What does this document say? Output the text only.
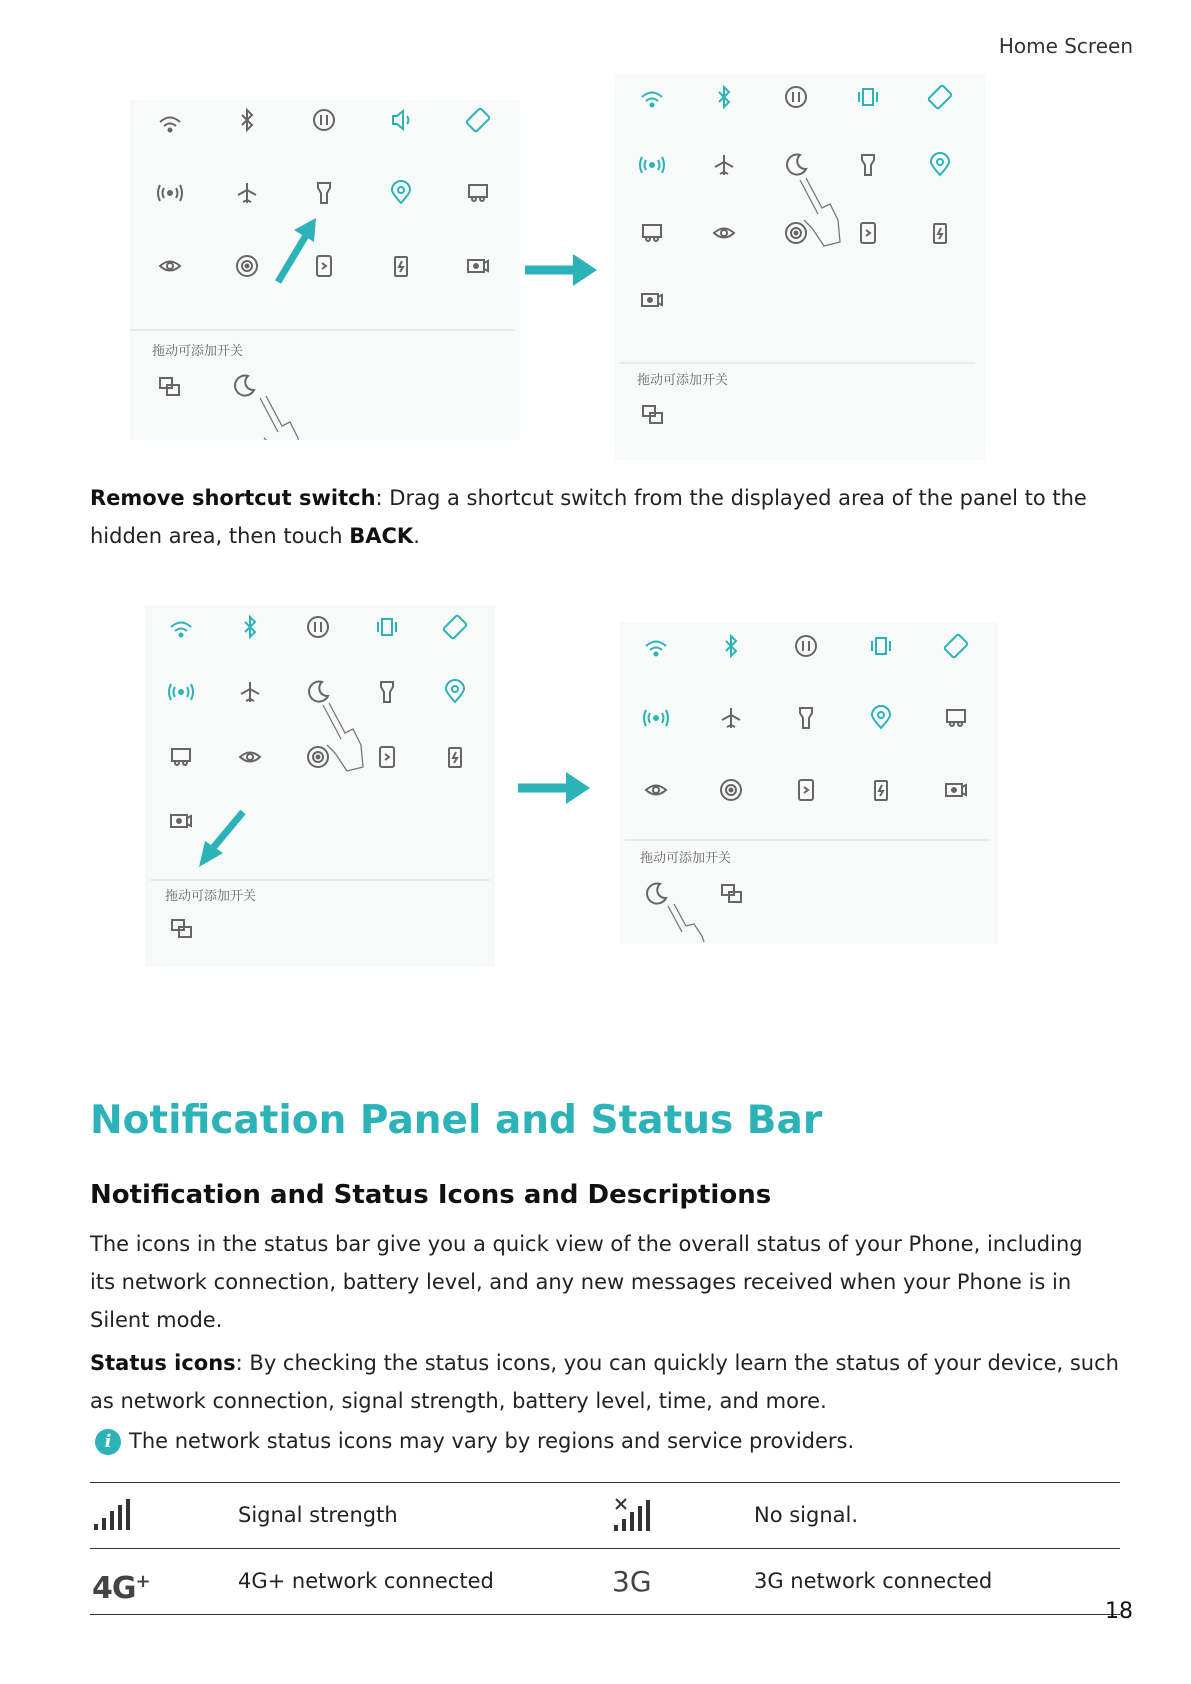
Home Screen
拖动可添加开关
拖动可添加开关
Remove shortcut switch: Drag a shortcut switch from the displayed area of the panel to the hidden area, then touch BACK.
拖动可添加开关
拖动可添加开关
Notification Panel and Status Bar
Notification and Status Icons and Descriptions
The icons in the status bar give you a quick view of the overall status of your Phone, including its network connection, battery level, and any new messages received when your Phone is in Silent mode.
Status icons: By checking the status icons, you can quickly learn the status of your device, such as network connection, signal strength, battery level, time, and more.
i The network status icons may vary by regions and service providers.
Signal strength	No signal.
4G+	4G+ network connected	3G	3G network connected
18
